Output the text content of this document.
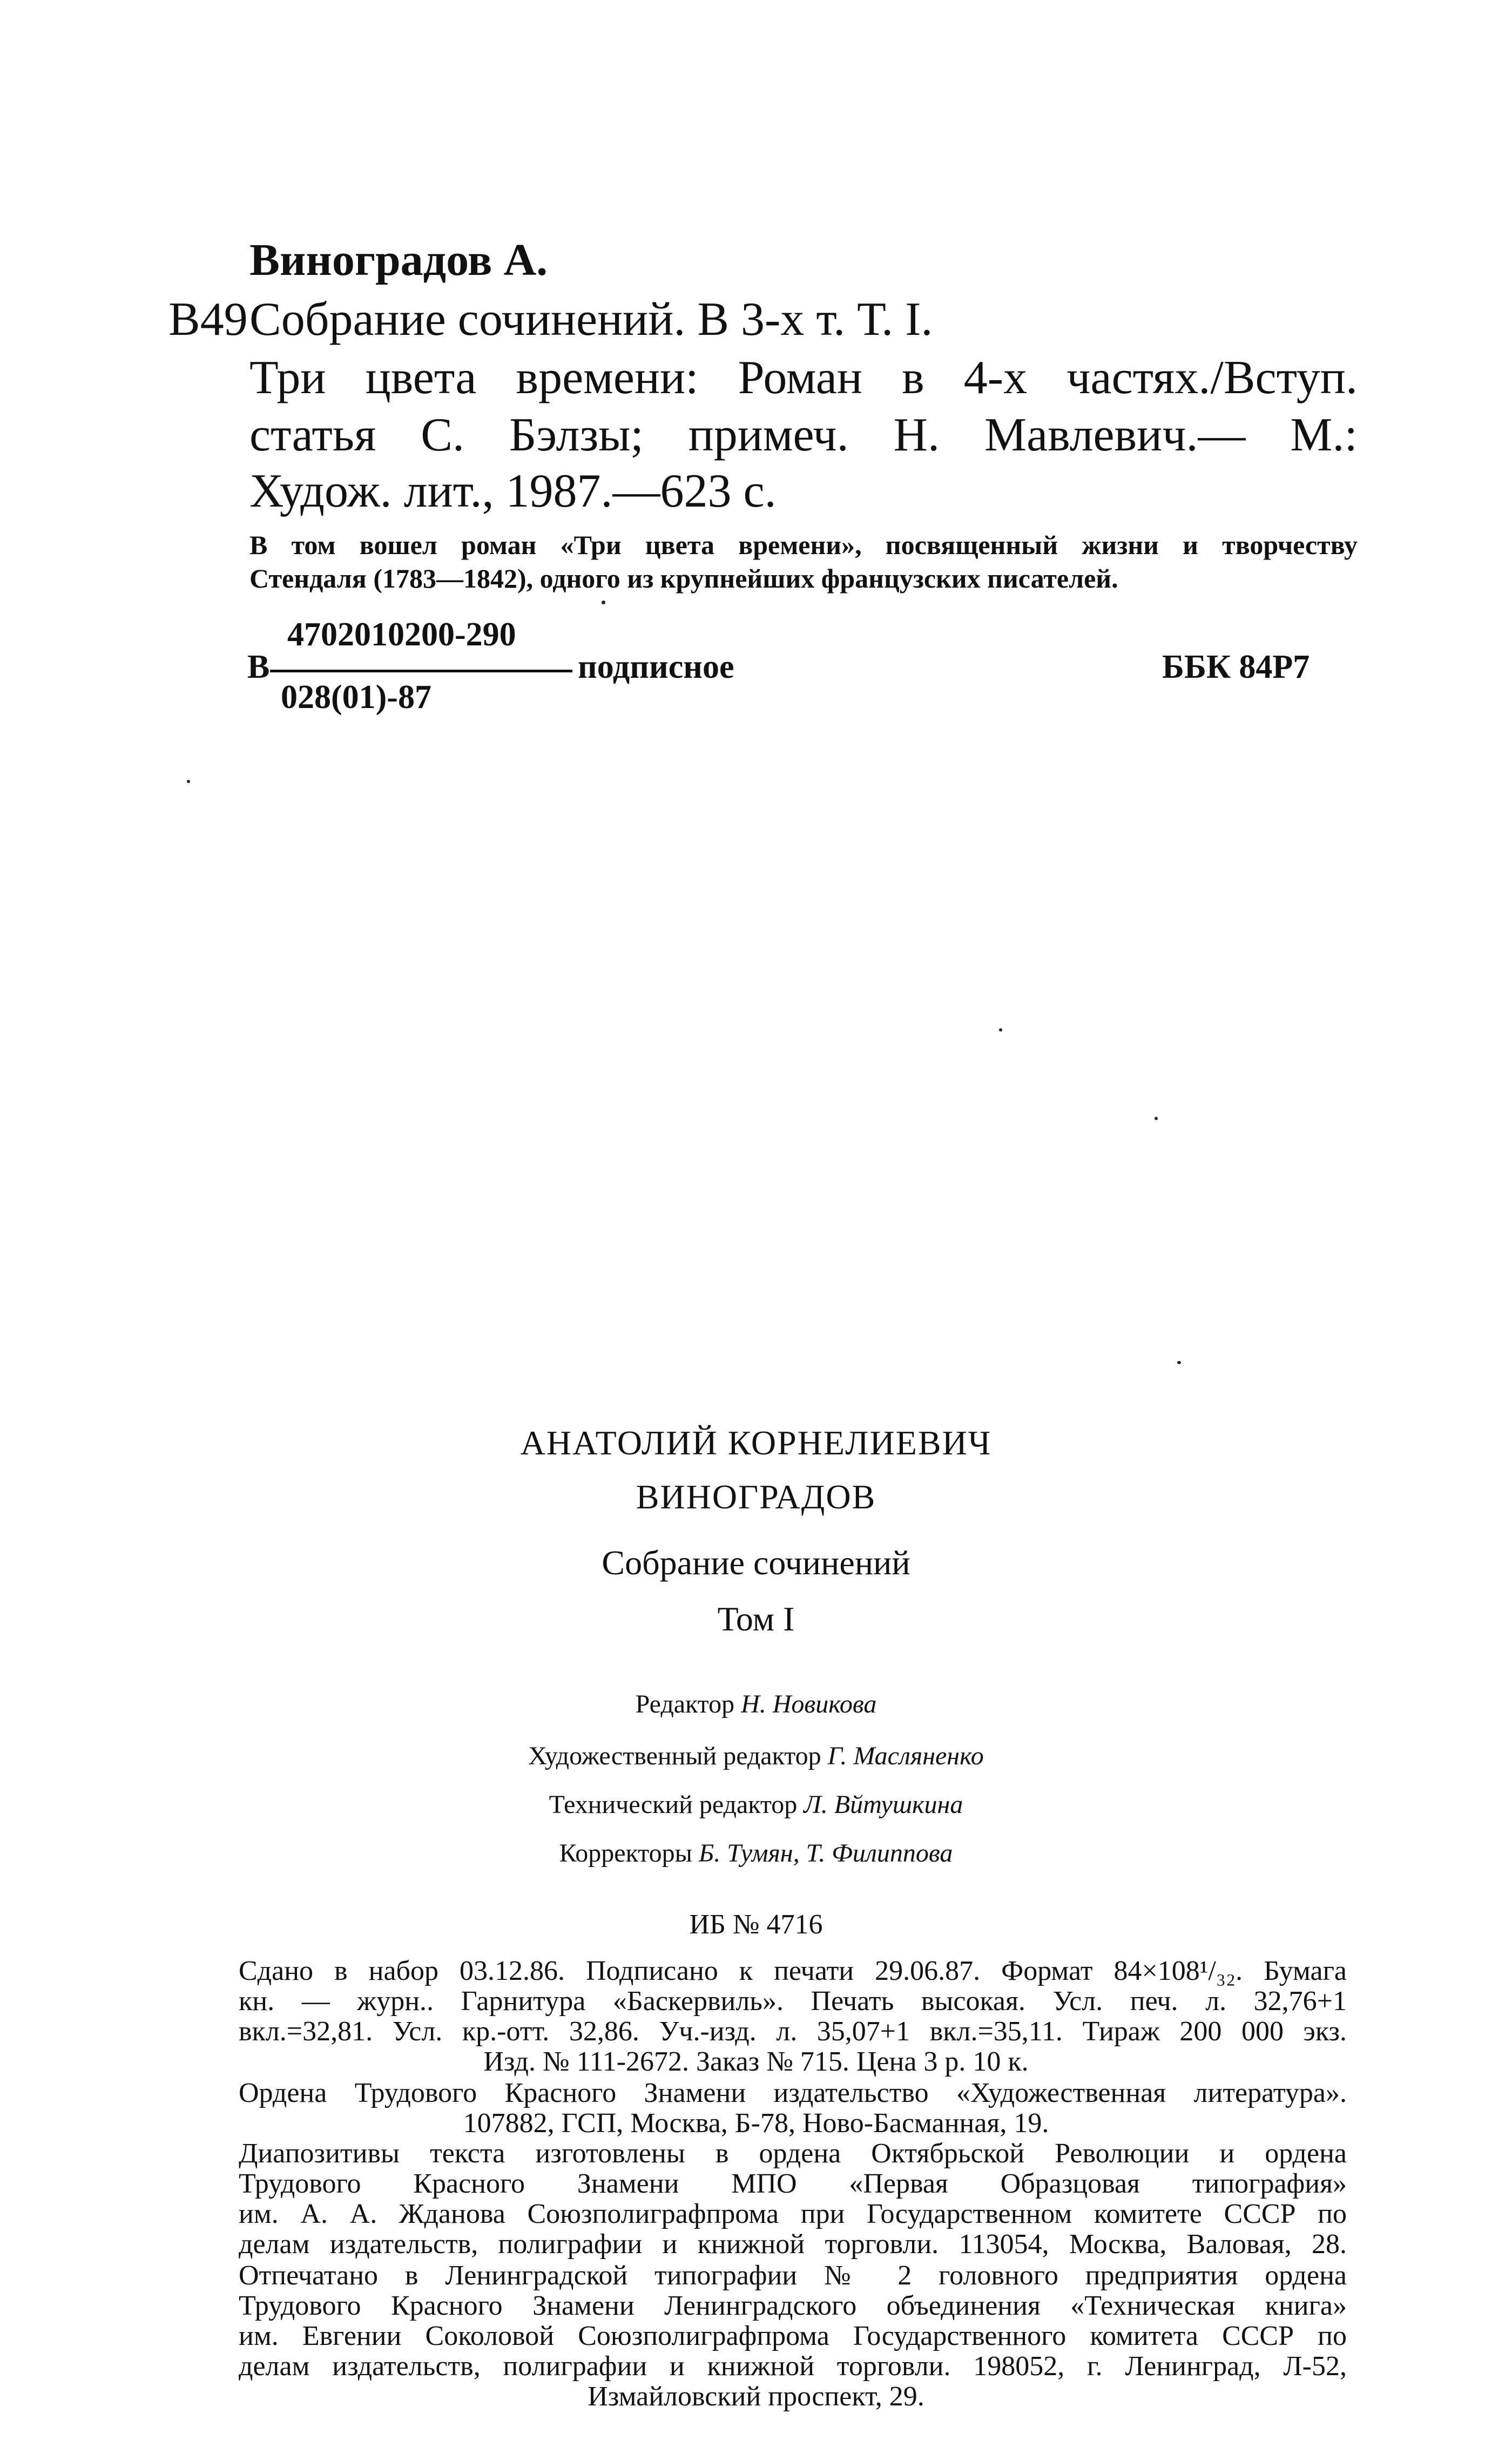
Виноградов А.
В49 Собрание сочинений. В 3-х т. Т. I.
Три цвета времени: Роман в 4-х частях./Вступ.
статья С. Бэлзы; примеч. Н. Мавлевич.— М.:
Худож. лит., 1987.—623 с.
В том вошел роман «Три цвета времени», посвященный жизни и творчеству
Стендаля (1783—1842), одного из крупнейших французских писателей.
4702010200-290
В
028(01)-87
подписное	ББК 84Р7
АНАТОЛИЙ КОРНЕЛИЕВИЧ
ВИНОГРАДОВ
Собрание сочинений
Том I
Редактор Н. Новикова
Художественный редактор Г. Масляненко
Технический редактор Л. Вйтушкина
Корректоры Б. Тумян, Т. Филиппова
ИБ № 4716
Сдано в набор 03.12.86. Подписано к печати 29.06.87. Формат 84×108¹/₃₂. Бумага
кн. — журн.. Гарнитура «Баскервиль». Печать высокая. Усл. печ. л. 32,76+1
вкл.=32,81. Усл. кр.-отт. 32,86. Уч.-изд. л. 35,07+1 вкл.=35,11. Тираж 200 000 экз.
Изд. № 111-2672. Заказ № 715. Цена 3 р. 10 к.
Ордена Трудового Красного Знамени издательство «Художественная литература».
107882, ГСП, Москва, Б-78, Ново-Басманная, 19.
Диапозитивы текста изготовлены в ордена Октябрьской Революции и ордена
Трудового Красного Знамени МПО «Первая Образцовая типография»
им. А. А. Жданова Союзполиграфпрома при Государственном комитете СССР по
делам издательств, полиграфии и книжной торговли. 113054, Москва, Валовая, 28.
Отпечатано в Ленинградской типографии № 2 головного предприятия ордена
Трудового Красного Знамени Ленинградского объединения «Техническая книга»
им. Евгении Соколовой Союзполиграфпрома Государственного комитета СССР по
делам издательств, полиграфии и книжной торговли. 198052, г. Ленинград, Л-52,
Измайловский проспект, 29.
